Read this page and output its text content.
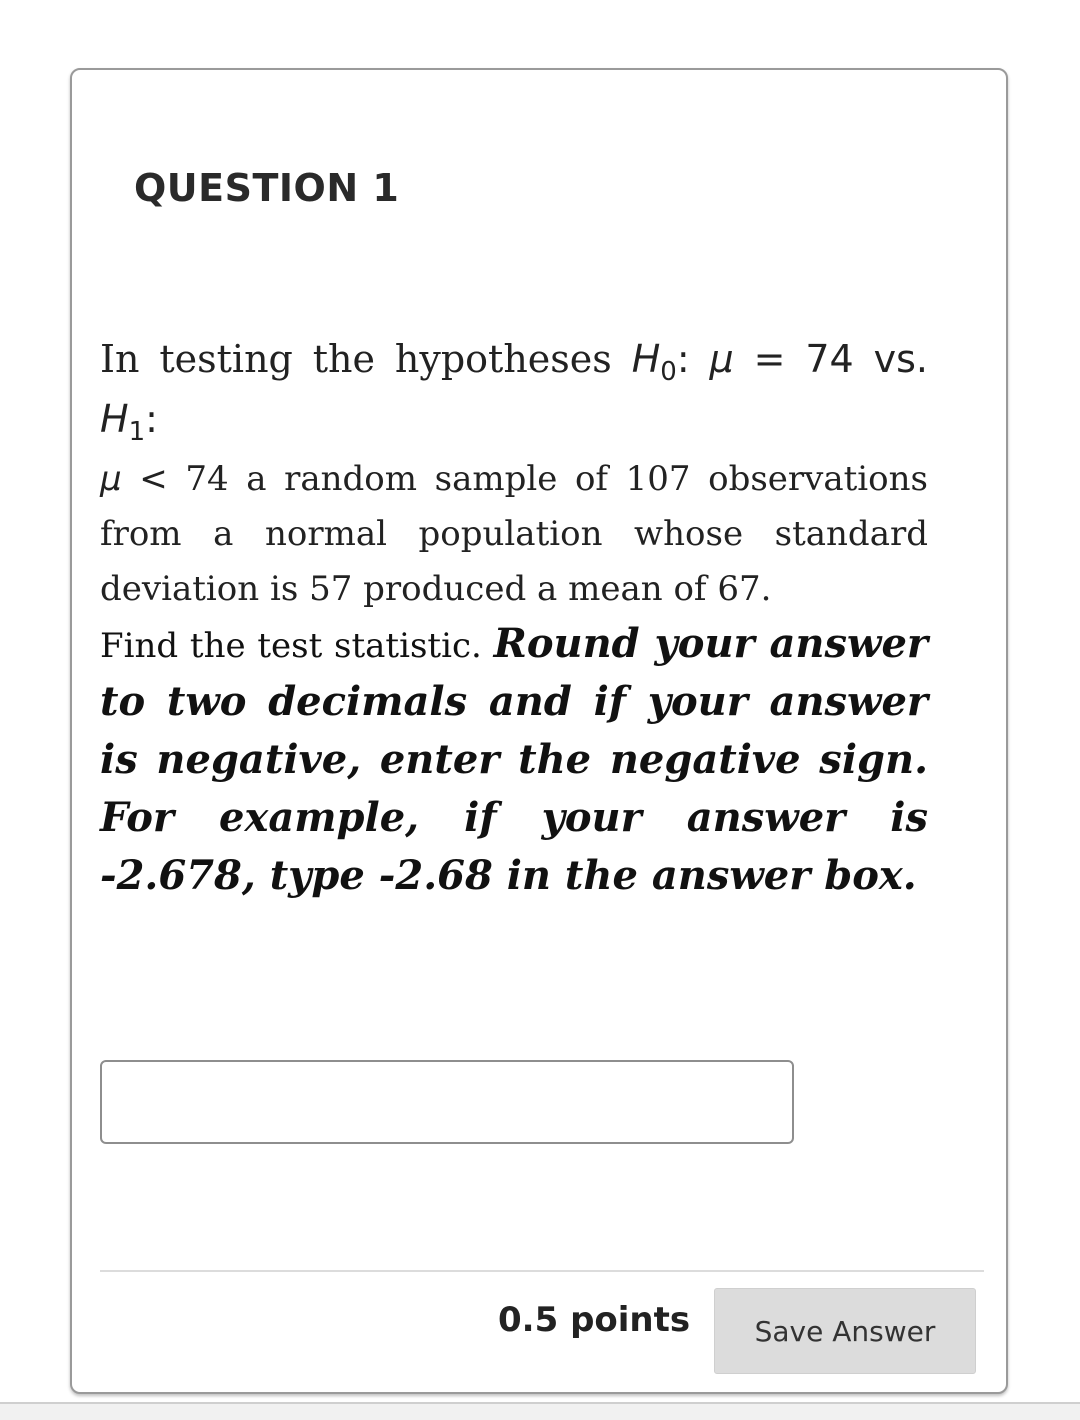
QUESTION 1

In testing the hypotheses $H_0$: μ = 74 vs. $H_1$:
μ < 74 a random sample of 107 observations from a normal population whose standard deviation is 57 produced a mean of 67.

Find the test statistic. Round your answer to two decimals and if your answer is negative, enter the negative sign. For example, if your answer is -2.678, type -2.68 in the answer box.

0.5 points	Save Answer
